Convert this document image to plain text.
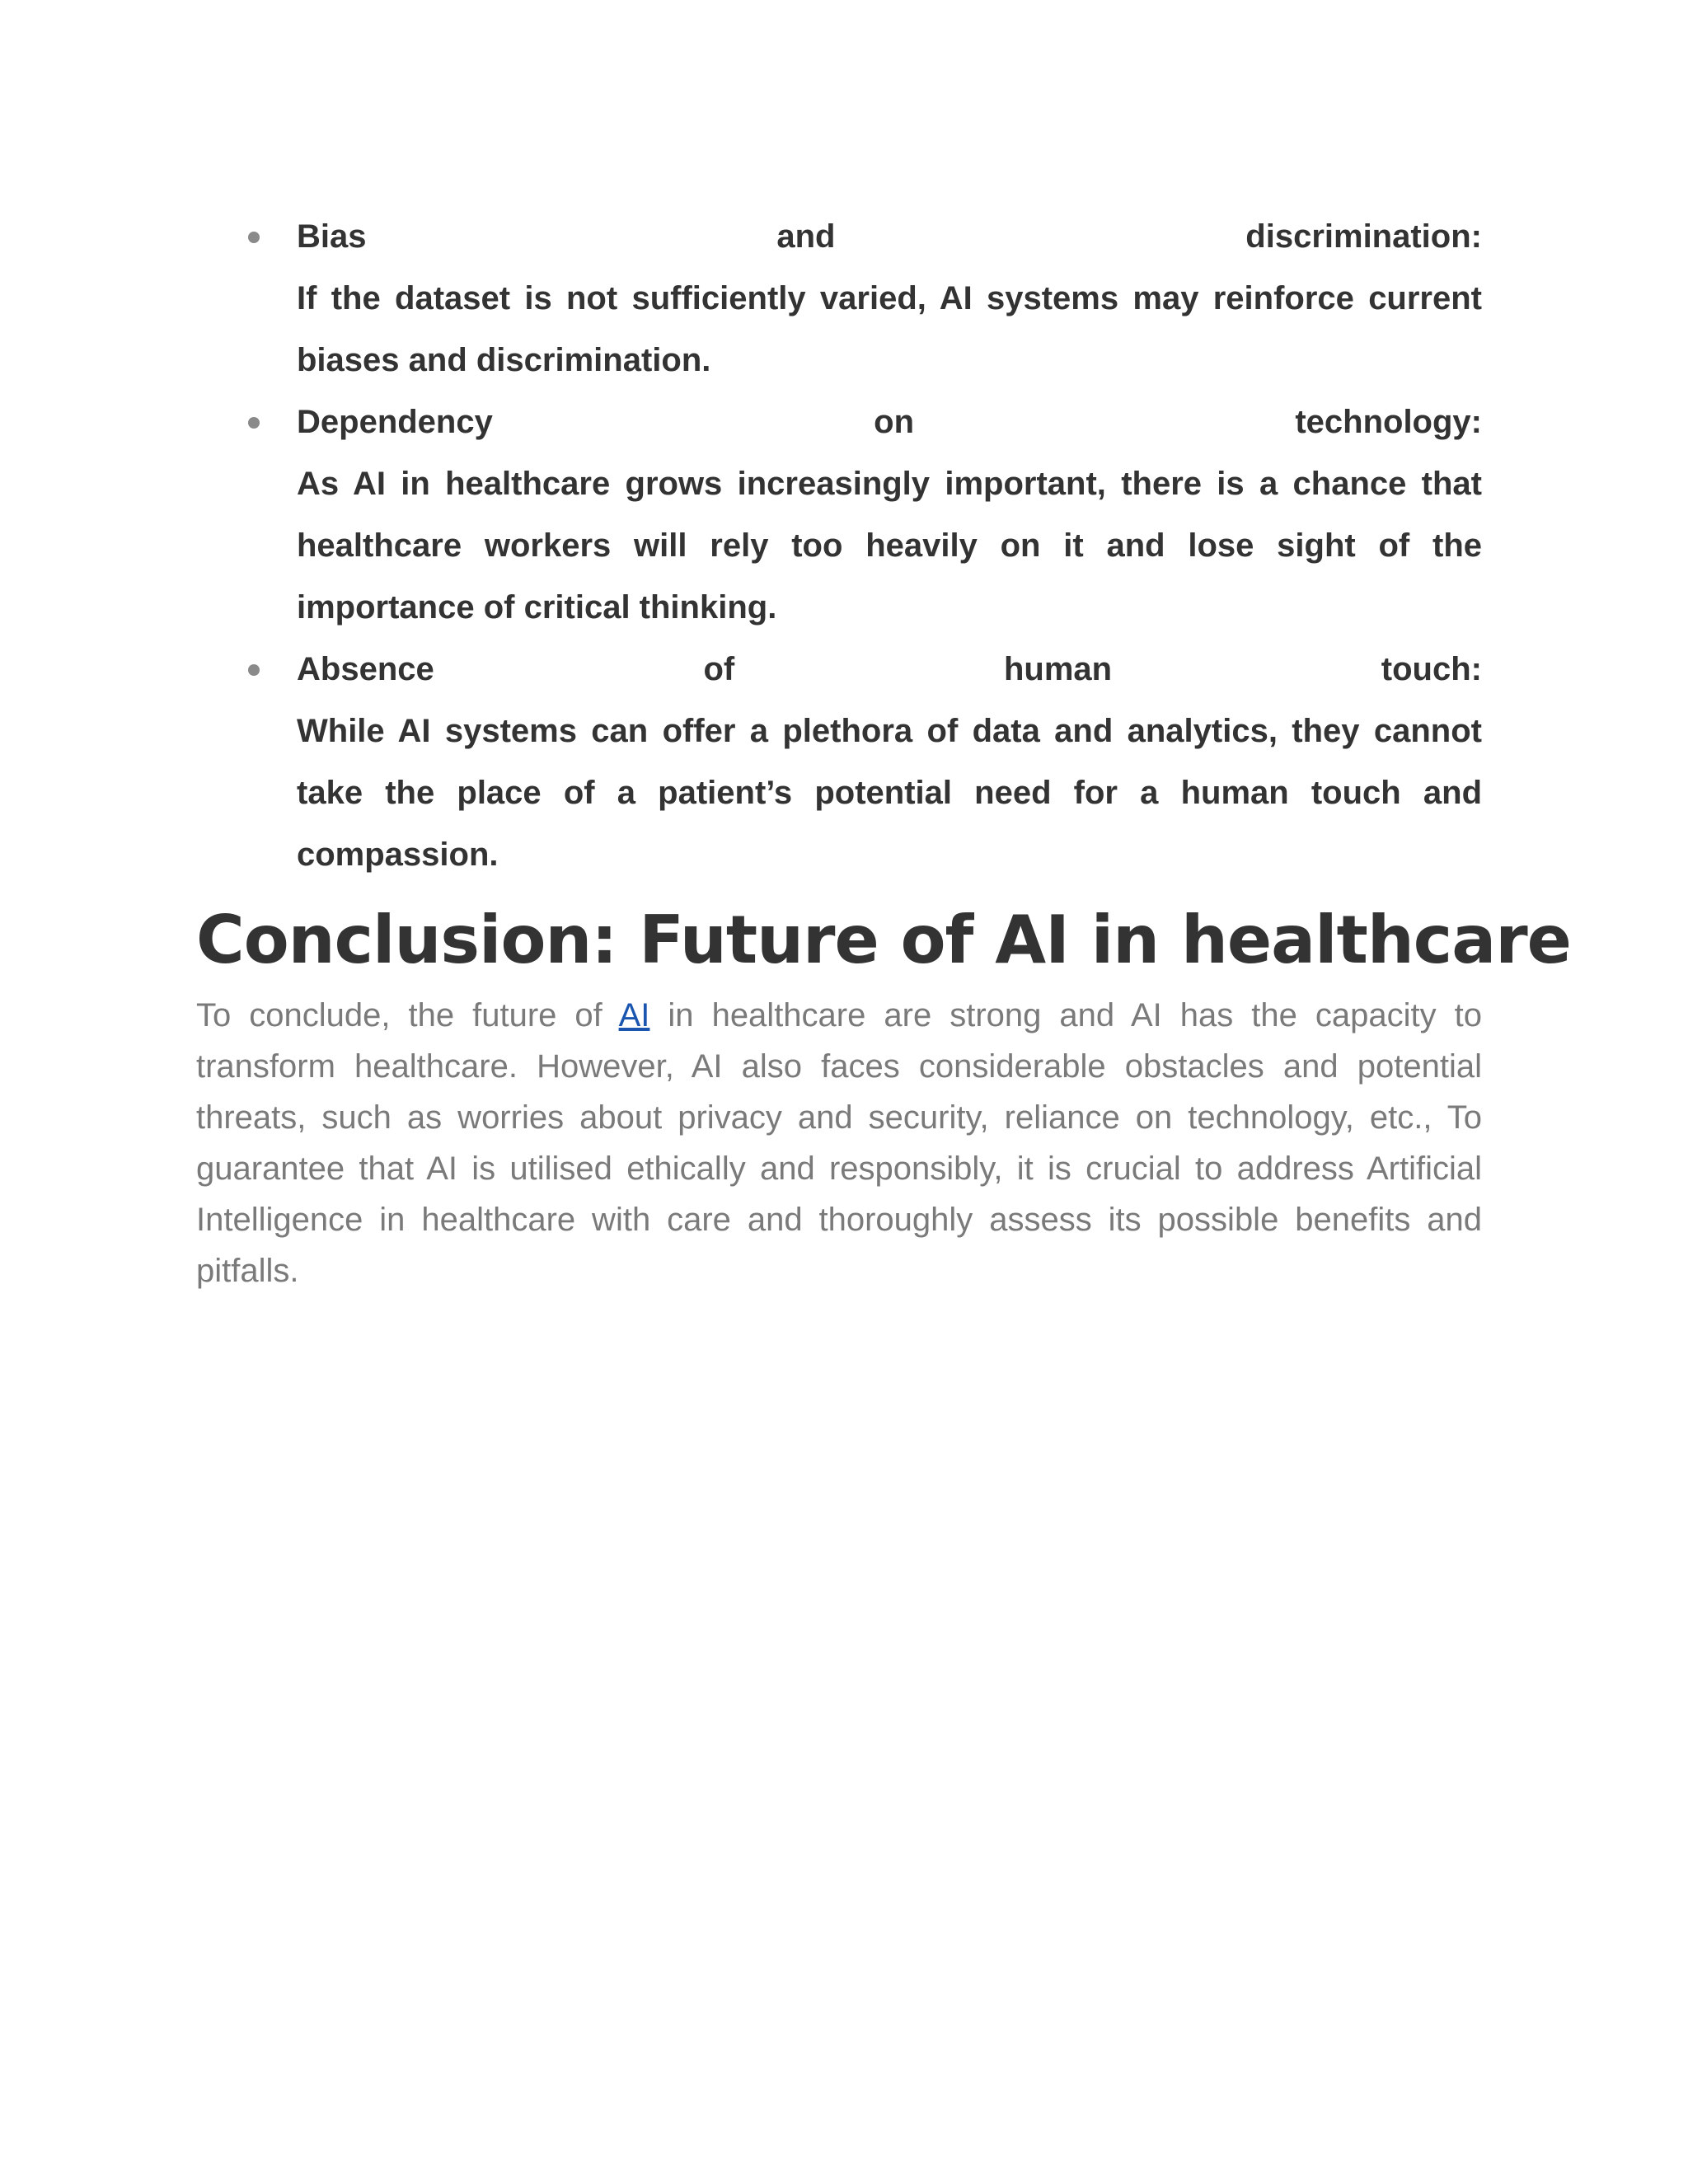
Bias	and	discrimination:
If the dataset is not sufficiently varied, AI systems may reinforce current biases and discrimination.
Dependency	on	technology:
As AI in healthcare grows increasingly important, there is a chance that healthcare workers will rely too heavily on it and lose sight of the importance of critical thinking.
Absence	of	human	touch:
While AI systems can offer a plethora of data and analytics, they cannot take the place of a patient’s potential need for a human touch and compassion.
Conclusion: Future of AI in healthcare

To conclude, the future of AI in healthcare are strong and AI has the capacity to transform healthcare. However, AI also faces considerable obstacles and potential threats, such as worries about privacy and security, reliance on technology, etc., To guarantee that AI is utilised ethically and responsibly, it is crucial to address Artificial Intelligence in healthcare with care and thoroughly assess its possible benefits and pitfalls.
